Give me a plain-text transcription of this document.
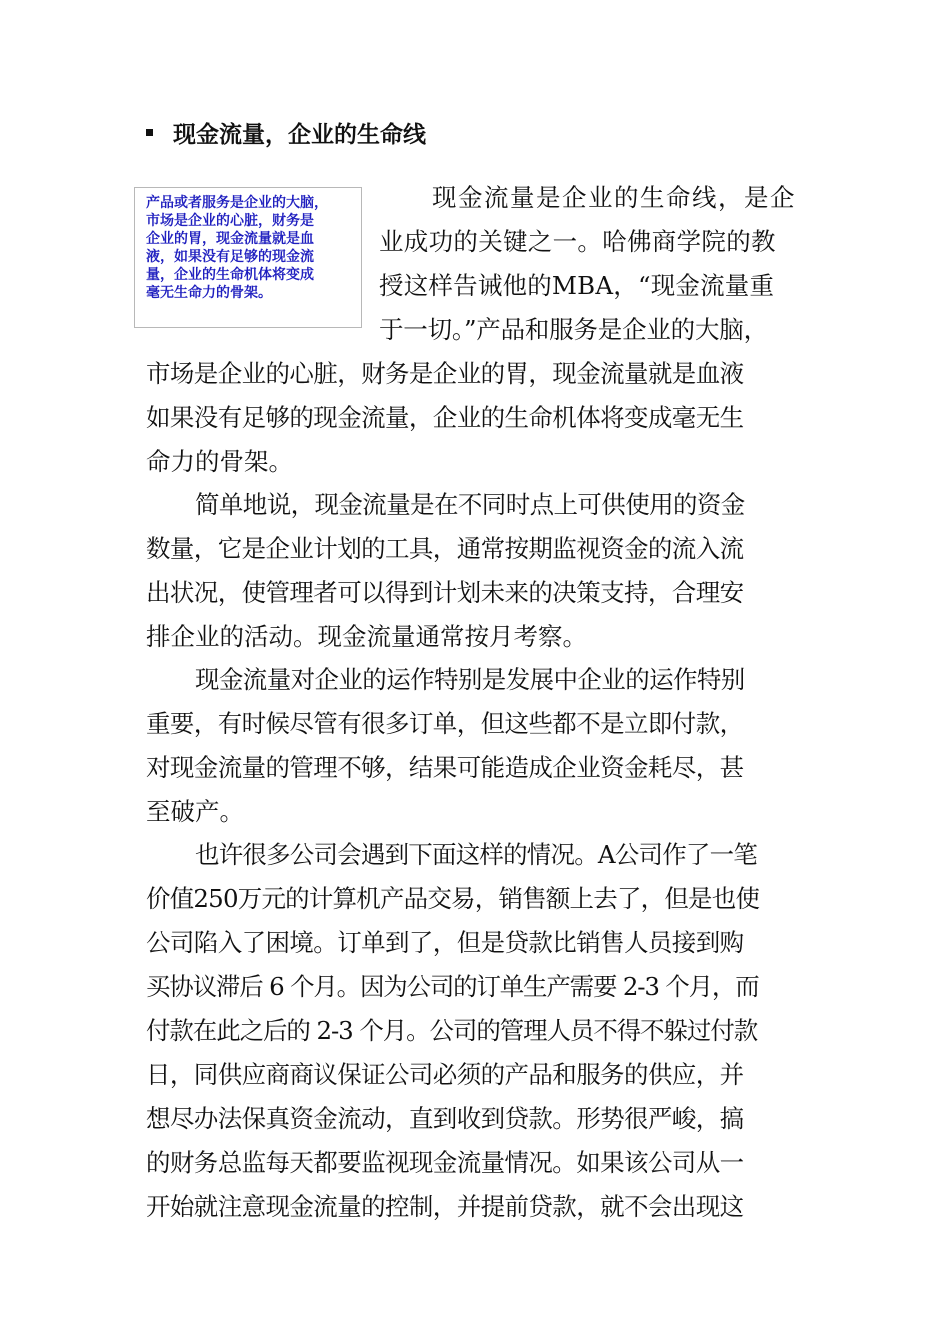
现金流量，企业的生命线
产品或者服务是企业的大脑，
市场是企业的心脏，财务是
企业的胃，现金流量就是血
液，如果没有足够的现金流
量，企业的生命机体将变成
毫无生命力的骨架。
现金流量是企业的生命线，是企
业成功的关键之一。哈佛商学院的教
授这样告诫他的MBA，“现金流量重
于一切。”产品和服务是企业的大脑，
市场是企业的心脏，财务是企业的胃，现金流量就是血液
如果没有足够的现金流量，企业的生命机体将变成毫无生
命力的骨架。
简单地说，现金流量是在不同时点上可供使用的资金
数量，它是企业计划的工具，通常按期监视资金的流入流
出状况，使管理者可以得到计划未来的决策支持，合理安
排企业的活动。现金流量通常按月考察。
现金流量对企业的运作特别是发展中企业的运作特别
重要，有时候尽管有很多订单，但这些都不是立即付款，
对现金流量的管理不够，结果可能造成企业资金耗尽，甚
至破产。
也许很多公司会遇到下面这样的情况。A公司作了一笔
价值250万元的计算机产品交易，销售额上去了，但是也使
公司陷入了困境。订单到了，但是贷款比销售人员接到购
买协议滞后 6 个月。因为公司的订单生产需要 2-3 个月，而
付款在此之后的 2-3 个月。公司的管理人员不得不躲过付款
日，同供应商商议保证公司必须的产品和服务的供应，并
想尽办法保真资金流动，直到收到贷款。形势很严峻，搞
的财务总监每天都要监视现金流量情况。如果该公司从一
开始就注意现金流量的控制，并提前贷款，就不会出现这
